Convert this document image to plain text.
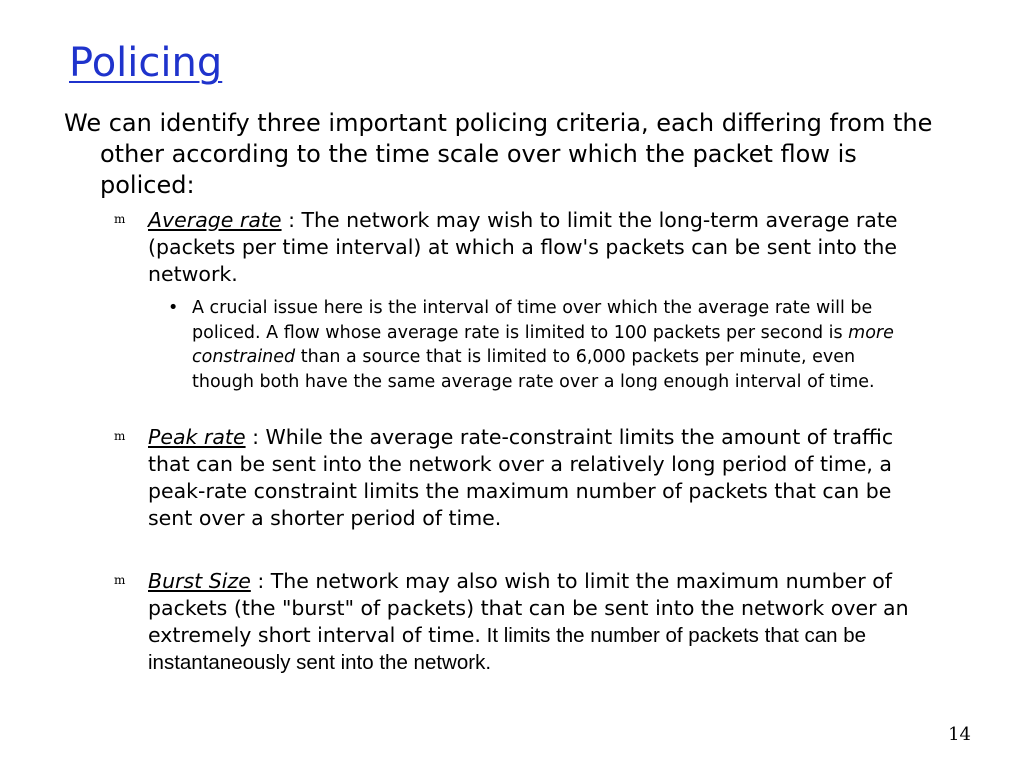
Policing

We can identify three important policing criteria, each differing from the other according to the time scale over which the packet flow is policed:

m Average rate : The network may wish to limit the long-term average rate (packets per time interval) at which a flow's packets can be sent into the network.
• A crucial issue here is the interval of time over which the average rate will be policed. A flow whose average rate is limited to 100 packets per second is more constrained than a source that is limited to 6,000 packets per minute, even though both have the same average rate over a long enough interval of time.
m Peak rate : While the average rate-constraint limits the amount of traffic that can be sent into the network over a relatively long period of time, a peak-rate constraint limits the maximum number of packets that can be sent over a shorter period of time.
m Burst Size : The network may also wish to limit the maximum number of packets (the "burst" of packets) that can be sent into the network over an extremely short interval of time. It limits the number of packets that can be instantaneously sent into the network.
14
